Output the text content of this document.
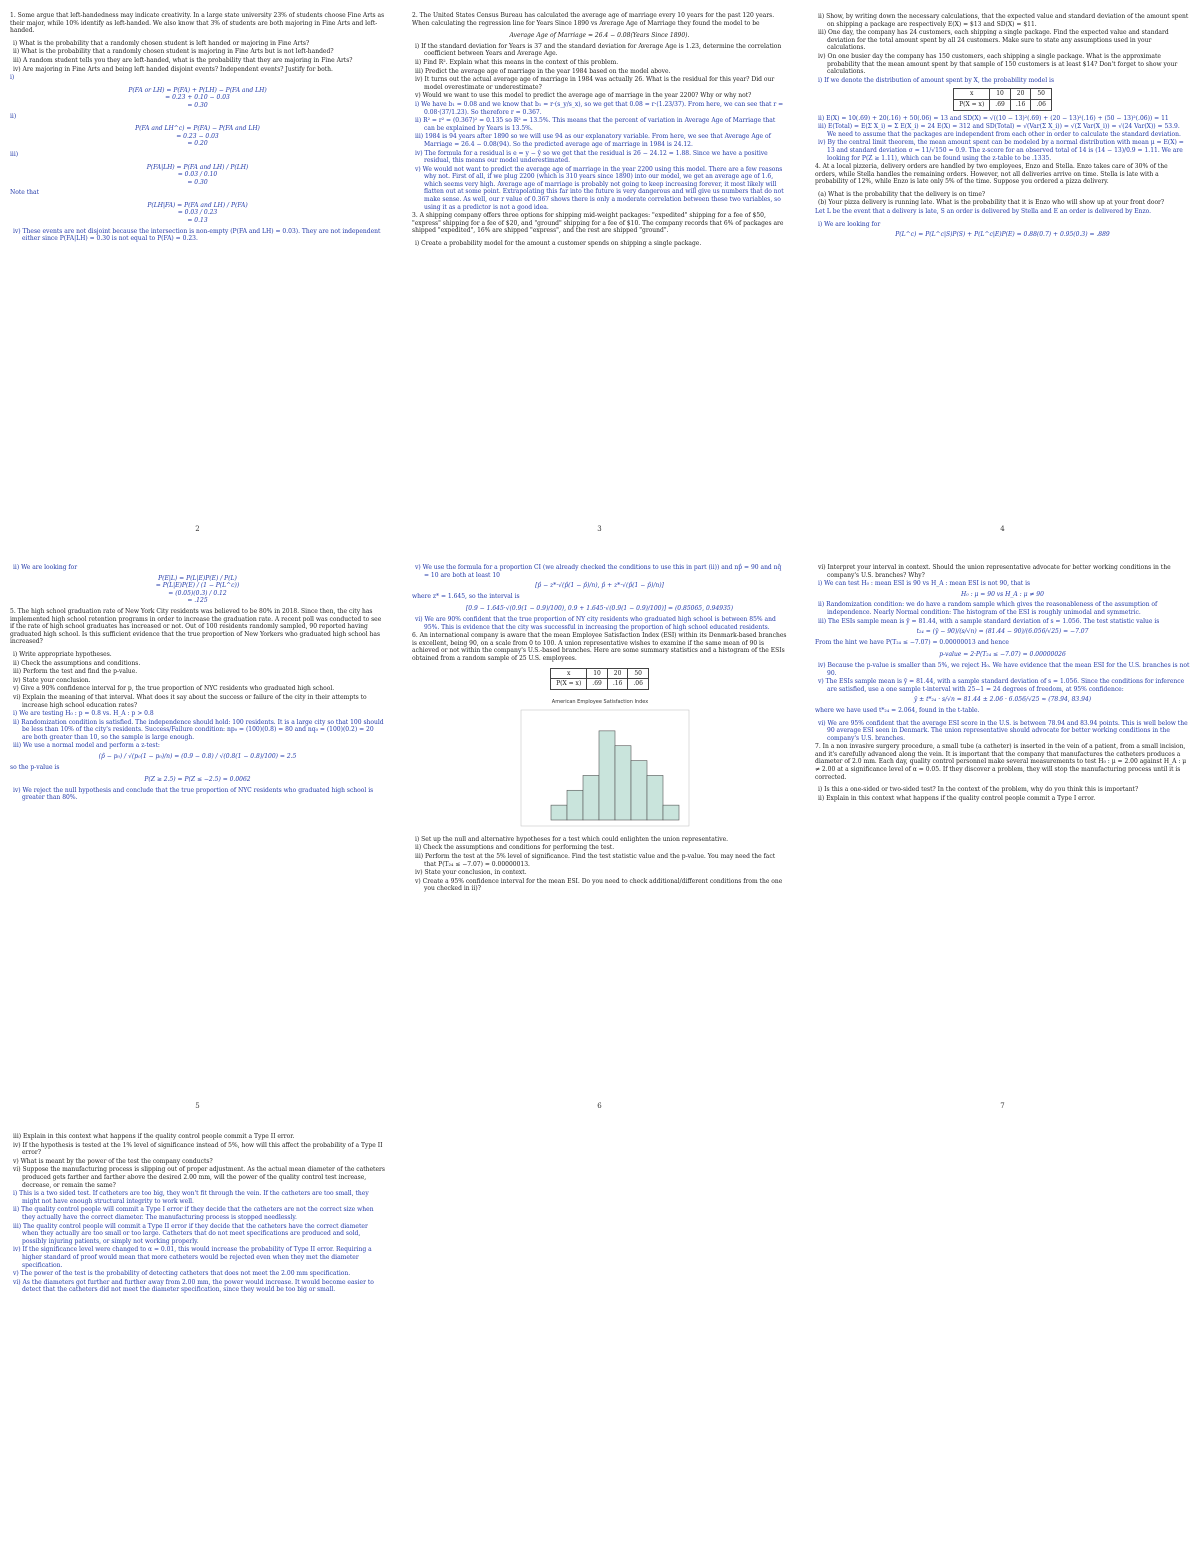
1. Some argue that left-handedness may indicate creativity. In a large state university 23% of students choose Fine Arts as their major, while 10% identify as left-handed. We also know that 3% of students are both majoring in Fine Arts and left-handed.
i) What is the probability that a randomly chosen student is left handed or majoring in Fine Arts?
ii) What is the probability that a randomly chosen student is majoring in Fine Arts but is not left-handed?
iii) A random student tells you they are left-handed, what is the probability that they are majoring in Fine Arts?
iv) Are majoring in Fine Arts and being left handed disjoint events? Independent events? Justify for both.
i)
P(FA or LH) = P(FA) + P(LH) − P(FA and LH)
= 0.23 + 0.10 − 0.03
= 0.30
ii)
P(FA and LH^c) = P(FA) − P(FA and LH)
= 0.23 − 0.03
= 0.20
iii)
P(FA|LH) = P(FA and LH) / P(LH)
= 0.03 / 0.10
= 0.30
Note that
P(LH|FA) = P(FA and LH) / P(FA)
= 0.03 / 0.23
= 0.13
iv) These events are not disjoint because the intersection is non-empty (P(FA and LH) = 0.03). They are not independent either since P(FA|LH) = 0.30 is not equal to P(FA) = 0.23.
2
2. The United States Census Bureau has calculated the average age of marriage every 10 years for the past 120 years. When calculating the regression line for Years Since 1890 vs Average Age of Marriage they found the model to be
Average Age of Marriage = 26.4 − 0.08(Years Since 1890).
i) If the standard deviation for Years is 37 and the standard deviation for Average Age is 1.23, determine the correlation coefficient between Years and Average Age.
ii) Find R². Explain what this means in the context of this problem.
iii) Predict the average age of marriage in the year 1984 based on the model above.
iv) It turns out the actual average age of marriage in 1984 was actually 26. What is the residual for this year? Did our model overestimate or underestimate?
v) Would we want to use this model to predict the average age of marriage in the year 2200? Why or why not?
i) We have b₁ = 0.08 and we know that b₁ = r·(s_y/s_x), so we get that 0.08 = r·(1.23/37). From here, we can see that r = 0.08·(37/1.23). So therefore r = 0.367.
ii) R² = r² = (0.367)² = 0.135 so R² = 13.5%. This means that the percent of variation in Average Age of Marriage that can be explained by Years is 13.5%.
iii) 1984 is 94 years after 1890 so we will use 94 as our explanatory variable. From here, we see that Average Age of Marriage = 26.4 − 0.08(94). So the predicted average age of marriage in 1984 is 24.12.
iv) The formula for a residual is e = y − ŷ so we get that the residual is 26 − 24.12 = 1.88. Since we have a positive residual, this means our model underestimated.
v) We would not want to predict the average age of marriage in the year 2200 using this model. There are a few reasons why not. First of all, if we plug 2200 (which is 310 years since 1890) into our model, we get an average age of 1.6, which seems very high. Average age of marriage is probably not going to keep increasing forever, it most likely will flatten out at some point. Extrapolating this far into the future is very dangerous and will give us numbers that do not make sense. As well, our r value of 0.367 shows there is only a moderate correlation between these two variables, so using it as a predictor is not a good idea.
3. A shipping company offers three options for shipping mid-weight packages: "expedited" shipping for a fee of $50, "express" shipping for a fee of $20, and "ground" shipping for a fee of $10. The company records that 6% of packages are shipped "expedited", 16% are shipped "express", and the rest are shipped "ground".
i) Create a probability model for the amount a customer spends on shipping a single package.
3
ii) Show, by writing down the necessary calculations, that the expected value and standard deviation of the amount spent on shipping a package are respectively E(X) = $13 and SD(X) = $11.
iii) One day, the company has 24 customers, each shipping a single package. Find the expected value and standard deviation for the total amount spent by all 24 customers. Make sure to state any assumptions used in your calculations.
iv) On one busier day the company has 150 customers, each shipping a single package. What is the approximate probability that the mean amount spent by that sample of 150 customers is at least $14? Don't forget to show your calculations.
i) If we denote the distribution of amount spent by X, the probability model is
x	10	20	50
P(X = x)	.69	.16	.06
ii) E(X) = 10(.69) + 20(.16) + 50(.06) = 13 and SD(X) = √((10 − 13)²(.69) + (20 − 13)²(.16) + (50 − 13)²(.06)) = 11
iii) E(Total) = E(Σ X_i) = Σ E(X_i) = 24 E(X) = 312 and SD(Total) = √(Var(Σ X_i)) = √(Σ Var(X_i)) = √(24 Var(X)) = 53.9. We need to assume that the packages are independent from each other in order to calculate the standard deviation.
iv) By the central limit theorem, the mean amount spent can be modeled by a normal distribution with mean μ = E(X) = 13 and standard deviation σ = 11/√150 = 0.9. The z-score for an observed total of 14 is (14 − 13)/0.9 = 1.11. We are looking for P(Z ≥ 1.11), which can be found using the z-table to be .1335.
4. At a local pizzeria, delivery orders are handled by two employees, Enzo and Stella. Enzo takes care of 30% of the orders, while Stella handles the remaining orders. However, not all deliveries arrive on time. Stella is late with a probability of 12%, while Enzo is late only 5% of the time. Suppose you ordered a pizza delivery.
(a) What is the probability that the delivery is on time?
(b) Your pizza delivery is running late. What is the probability that it is Enzo who will show up at your front door?
Let L be the event that a delivery is late, S an order is delivered by Stella and E an order is delivered by Enzo.
i) We are looking for
P(L^c) = P(L^c|S)P(S) + P(L^c|E)P(E) = 0.88(0.7) + 0.95(0.3) = .889
4
ii) We are looking for
P(E|L) = P(L|E)P(E) / P(L)
= P(L|E)P(E) / (1 − P(L^c))
= (0.05)(0.3) / 0.12
= .125
5. The high school graduation rate of New York City residents was believed to be 80% in 2018. Since then, the city has implemented high school retention programs in order to increase the graduation rate. A recent poll was conducted to see if the rate of high school graduates has increased or not. Out of 100 residents randomly sampled, 90 reported having graduated high school. Is this sufficient evidence that the true proportion of New Yorkers who graduated high school has increased?
i) Write appropriate hypotheses.
ii) Check the assumptions and conditions.
iii) Perform the test and find the p-value.
iv) State your conclusion.
v) Give a 90% confidence interval for p, the true proportion of NYC residents who graduated high school.
vi) Explain the meaning of that interval. What does it say about the success or failure of the city in their attempts to increase high school education rates?
i) We are testing H₀ : p = 0.8 vs. H_A : p > 0.8
ii) Randomization condition is satisfied. The independence should hold: 100 residents. It is a large city so that 100 should be less than 10% of the city's residents. Success/Failure condition: np₀ = (100)(0.8) = 80 and nq₀ = (100)(0.2) = 20 are both greater than 10, so the sample is large enough.
iii) We use a normal model and perform a z-test:
(p̂ − p₀) / √(p₀(1 − p₀)/n) = (0.9 − 0.8) / √(0.8(1 − 0.8)/100) = 2.5
so the p-value is
P(Z ≥ 2.5) = P(Z ≤ −2.5) = 0.0062
iv) We reject the null hypothesis and conclude that the true proportion of NYC residents who graduated high school is greater than 80%.
5
v) We use the formula for a proportion CI (we already checked the conditions to use this in part (ii)) and np̂ = 90 and nq̂ = 10 are both at least 10
[p̂ − z*·√(p̂(1 − p̂)/n), p̂ + z*·√(p̂(1 − p̂)/n)]
where z* = 1.645, so the interval is
[0.9 − 1.645·√(0.9(1 − 0.9)/100), 0.9 + 1.645·√(0.9(1 − 0.9)/100)] = (0.85065, 0.94935)
vi) We are 90% confident that the true proportion of NY city residents who graduated high school is between 85% and 95%. This is evidence that the city was successful in increasing the proportion of high school educated residents.
6. An international company is aware that the mean Employee Satisfaction Index (ESI) within its Denmark-based branches is excellent, being 90, on a scale from 0 to 100. A union representative wishes to examine if the same mean of 90 is achieved or not within the company's U.S.-based branches. Here are some summary statistics and a histogram of the ESIs obtained from a random sample of 25 U.S. employees.
x	10	20	50
P(X = x)	.69	.16	.06
American Employee Satisfaction Index
i) Set up the null and alternative hypotheses for a test which could enlighten the union representative.
ii) Check the assumptions and conditions for performing the test.
iii) Perform the test at the 5% level of significance. Find the test statistic value and the p-value. You may need the fact that P(T₂₄ ≤ −7.07) = 0.00000013.
iv) State your conclusion, in context.
v) Create a 95% confidence interval for the mean ESI. Do you need to check additional/different conditions from the one you checked in ii)?
6
vi) Interpret your interval in context. Should the union representative advocate for better working conditions in the company's U.S. branches? Why?
i) We can test H₀ : mean ESI is 90 vs H_A : mean ESI is not 90, that is
H₀ : μ = 90 vs H_A : μ ≠ 90
ii) Randomization condition: we do have a random sample which gives the reasonableness of the assumption of independence. Nearly Normal condition: The histogram of the ESI is roughly unimodal and symmetric.
iii) The ESIs sample mean is ȳ = 81.44, with a sample standard deviation of s = 1.056. The test statistic value is
t₂₄ = (ȳ − 90)/(s/√n) = (81.44 − 90)/(6.056/√25) = −7.07
From the hint we have P(T₂₄ ≤ −7.07) = 0.00000013 and hence
p-value = 2·P(T₂₄ ≤ −7.07) = 0.00000026
iv) Because the p-value is smaller than 5%, we reject H₀. We have evidence that the mean ESI for the U.S. branches is not 90.
v) The ESIs sample mean is ȳ = 81.44, with a sample standard deviation of s = 1.056. Since the conditions for inference are satisfied, use a one sample t-interval with 25−1 = 24 degrees of freedom, at 95% confidence:
ȳ ± t*₂₄ · s/√n = 81.44 ± 2.06 · 6.056/√25 ≈ (78.94, 83.94)
where we have used t*₂₄ = 2.064, found in the t-table.
vi) We are 95% confident that the average ESI score in the U.S. is between 78.94 and 83.94 points. This is well below the 90 average ESI seen in Denmark. The union representative should advocate for better working conditions in the company's U.S. branches.
7. In a non invasive surgery procedure, a small tube (a catheter) is inserted in the vein of a patient, from a small incision, and it's carefully advanced along the vein. It is important that the company that manufactures the catheters produces a diameter of 2.0 mm. Each day, quality control personnel make several measurements to test H₀ : μ = 2.00 against H_A : μ ≠ 2.00 at a significance level of α = 0.05. If they discover a problem, they will stop the manufacturing process until it is corrected.
i) Is this a one-sided or two-sided test? In the context of the problem, why do you think this is important?
ii) Explain in this context what happens if the quality control people commit a Type I error.
7
iii) Explain in this context what happens if the quality control people commit a Type II error.
iv) If the hypothesis is tested at the 1% level of significance instead of 5%, how will this affect the probability of a Type II error?
v) What is meant by the power of the test the company conducts?
vi) Suppose the manufacturing process is slipping out of proper adjustment. As the actual mean diameter of the catheters produced gets farther and farther above the desired 2.00 mm, will the power of the quality control test increase, decrease, or remain the same?
i) This is a two sided test. If catheters are too big, they won't fit through the vein. If the catheters are too small, they might not have enough structural integrity to work well.
ii) The quality control people will commit a Type I error if they decide that the catheters are not the correct size when they actually have the correct diameter. The manufacturing process is stopped needlessly.
iii) The quality control people will commit a Type II error if they decide that the catheters have the correct diameter when they actually are too small or too large. Catheters that do not meet specifications are produced and sold, possibly injuring patients, or simply not working properly.
iv) If the significance level were changed to α = 0.01, this would increase the probability of Type II error. Requiring a higher standard of proof would mean that more catheters would be rejected even when they met the diameter specification.
v) The power of the test is the probability of detecting catheters that does not meet the 2.00 mm specification.
vi) As the diameters got further and further away from 2.00 mm, the power would increase. It would become easier to detect that the catheters did not meet the diameter specification, since they would be too big or small.
